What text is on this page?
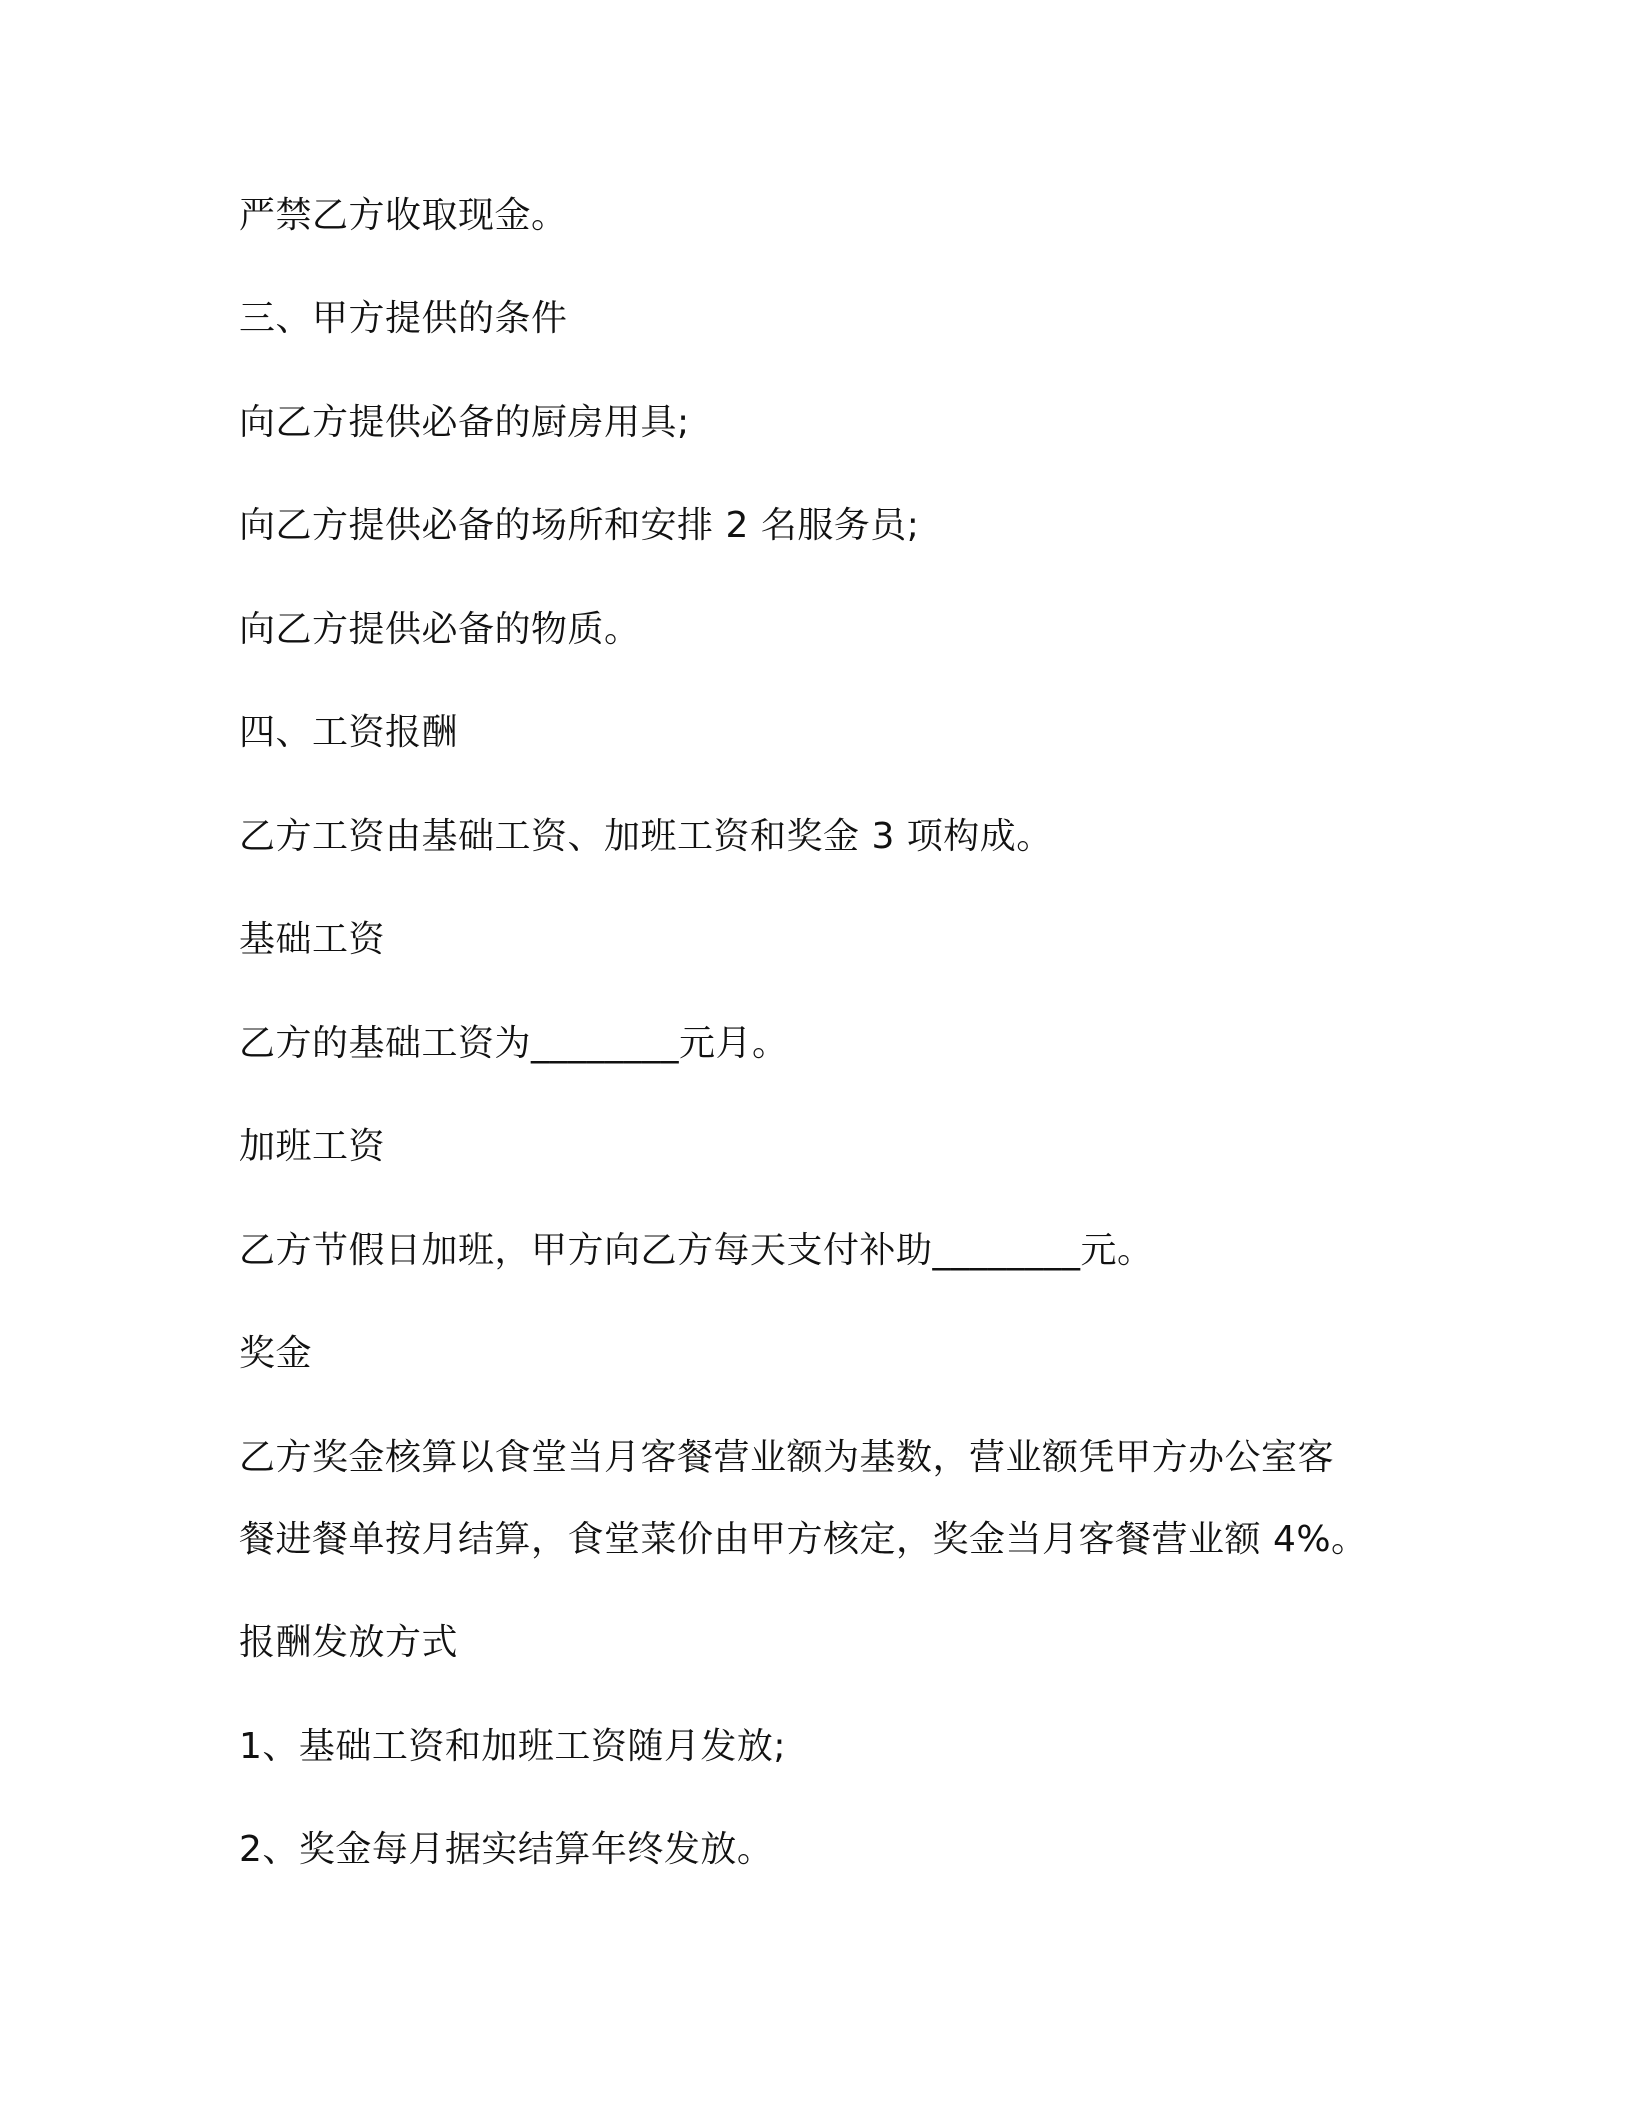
严禁乙方收取现金。

三、甲方提供的条件

向乙方提供必备的厨房用具;

向乙方提供必备的场所和安排 2 名服务员;

向乙方提供必备的物质。

四、工资报酬

乙方工资由基础工资、加班工资和奖金 3 项构成。

基础工资

乙方的基础工资为________元月。

加班工资

乙方节假日加班，甲方向乙方每天支付补助________元。

奖金

乙方奖金核算以食堂当月客餐营业额为基数，营业额凭甲方办公室客
餐进餐单按月结算，食堂菜价由甲方核定，奖金当月客餐营业额 4%。

报酬发放方式

1、基础工资和加班工资随月发放;

2、奖金每月据实结算年终发放。
